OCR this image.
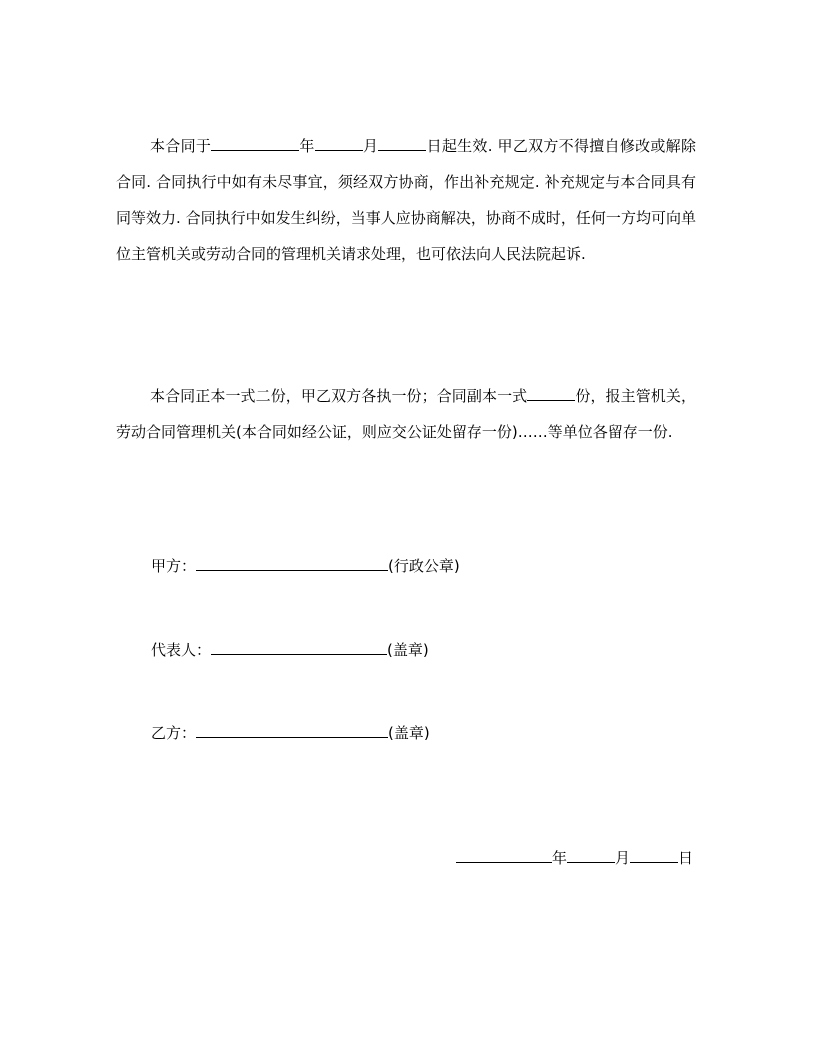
本合同于	年	月	日起生效. 甲乙双方不得擅自修改或解除合同. 合同执行中如有未尽事宜，须经双方协商，作出补充规定. 补充规定与本合同具有同等效力. 合同执行中如发生纠纷，当事人应协商解决，协商不成时，任何一方均可向单位主管机关或劳动合同的管理机关请求处理，也可依法向人民法院起诉.

本合同正本一式二份，甲乙双方各执一份；合同副本一式	份，报主管机关，劳动合同管理机关(本合同如经公证，则应交公证处留存一份)……等单位各留存一份.

甲方：	(行政公章)
代表人：	(盖章)
乙方：	(盖章)
年	月	日
